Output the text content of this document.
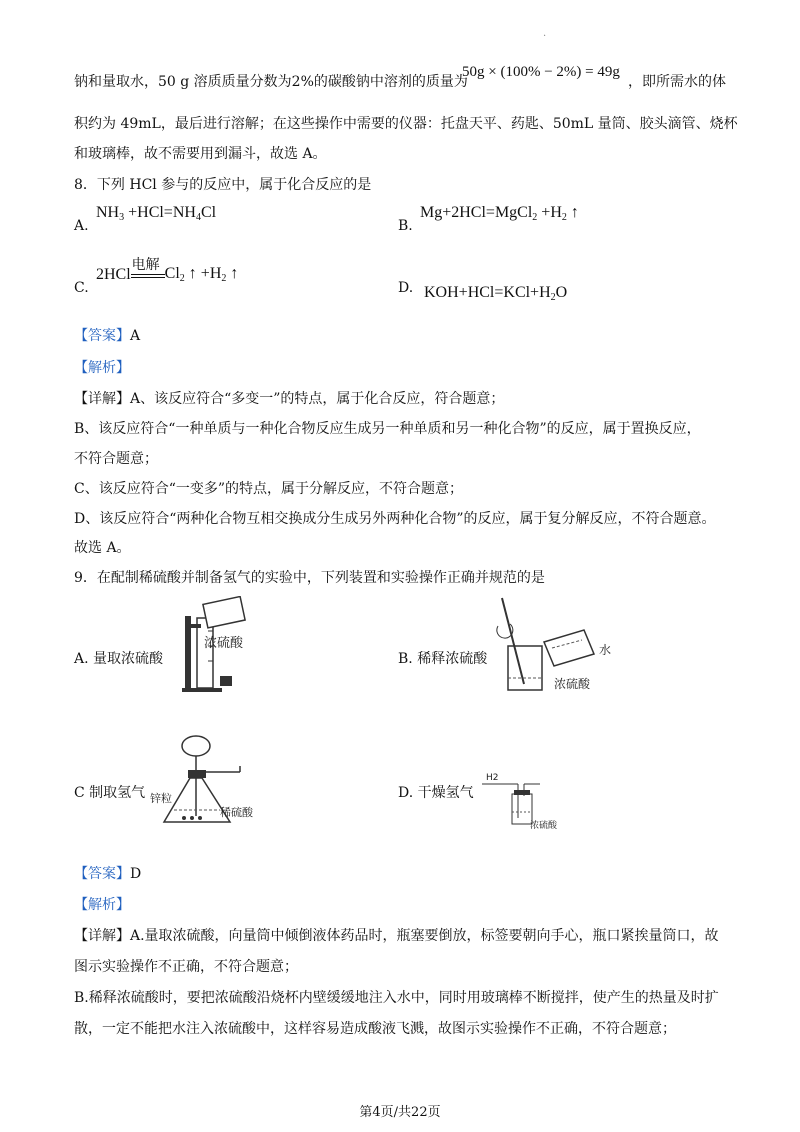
.
钠和量取水，50 g 溶质质量分数为2%的碳酸钠中溶剂的质量为
50g × (100% − 2%) = 49g
，即所需水的体
积约为 49mL，最后进行溶解；在这些操作中需要的仪器：托盘天平、药匙、50mL 量筒、胶头滴管、烧杯
和玻璃棒，故不需要用到漏斗，故选 A。
8．下列 HCl 参与的反应中，属于化合反应的是
A.
$NH_3 +HCl=NH_4Cl$
B.
Mg+2HCl=MgCl$_2$ $+H_2$ ↑
C.
2HCl
电解 $Cl_2$ ↑ $+H_2$ ↑
D. $KOH+HCl=KCl+H_2O$
【答案】A
【解析】
【详解】A、该反应符合“多变一”的特点，属于化合反应，符合题意；
B、该反应符合“一种单质与一种化合物反应生成另一种单质和另一种化合物”的反应，属于置换反应，
不符合题意；
C、该反应符合“一变多”的特点，属于分解反应，不符合题意；
D、该反应符合“两种化合物互相交换成分生成另外两种化合物”的反应，属于复分解反应，不符合题意。
故选 A。
9．在配制稀硫酸并制备氢气的实验中，下列装置和实验操作正确并规范的是
A. 量取浓硫酸
浓硫酸
B. 稀释浓硫酸
水
浓硫酸
C 制取氢气 锌粒
稀硫酸
D. 干燥氢气
H2
浓硫酸
【答案】D
【解析】
【详解】A.量取浓硫酸，向量筒中倾倒液体药品时，瓶塞要倒放，标签要朝向手心，瓶口紧挨量筒口，故
图示实验操作不正确，不符合题意；
B.稀释浓硫酸时，要把浓硫酸沿烧杯内壁缓缓地注入水中，同时用玻璃棒不断搅拌，使产生的热量及时扩
散，一定不能把水注入浓硫酸中，这样容易造成酸液飞溅，故图示实验操作不正确，不符合题意；
第4页/共22页
